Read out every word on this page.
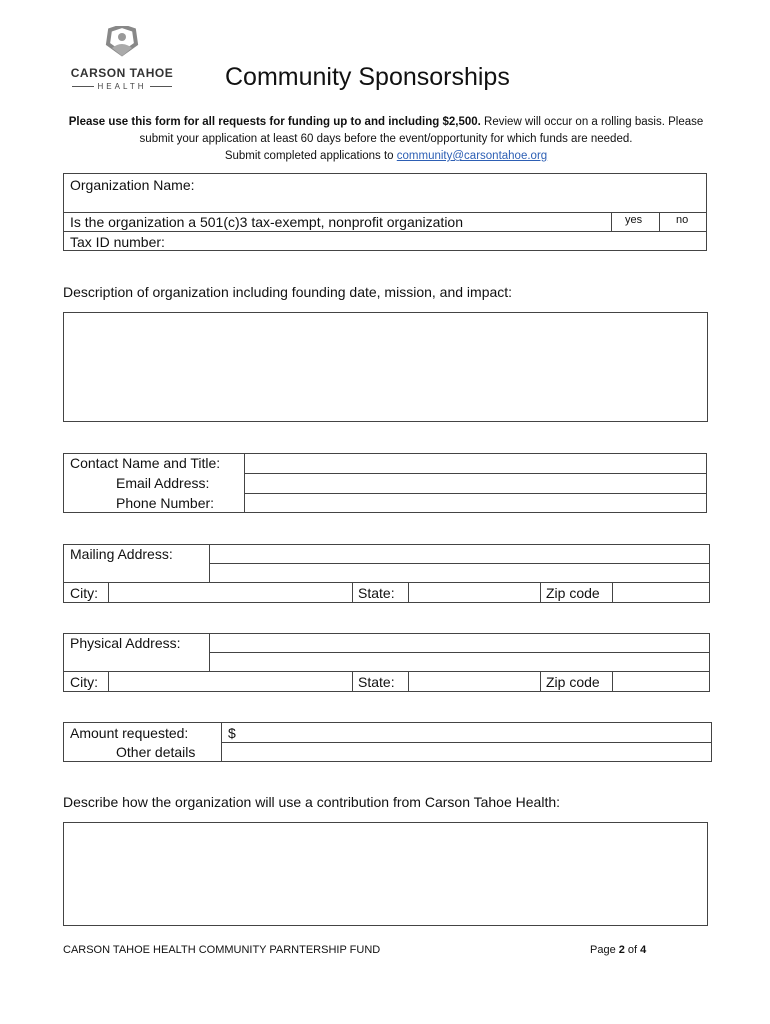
CARSON TAHOE
HEALTH	Community Sponsorships
Please use this form for all requests for funding up to and including $2,500. Review will occur on a rolling basis. Please submit your application at least 60 days before the event/opportunity for which funds are needed.
Submit completed applications to community@carsontahoe.org
Organization Name:
Is the organization a 501(c)3 tax-exempt, nonprofit organization	yes	no
Tax ID number:
Description of organization including founding date, mission, and impact:
Contact Name and Title:
Email Address:
Phone Number:
Mailing Address:
City:	State:	Zip code
Physical Address:
City:	State:	Zip code
Amount requested:	$
Other details
Describe how the organization will use a contribution from Carson Tahoe Health:
CARSON TAHOE HEALTH COMMUNITY PARNTERSHIP FUND	Page 2 of 4
